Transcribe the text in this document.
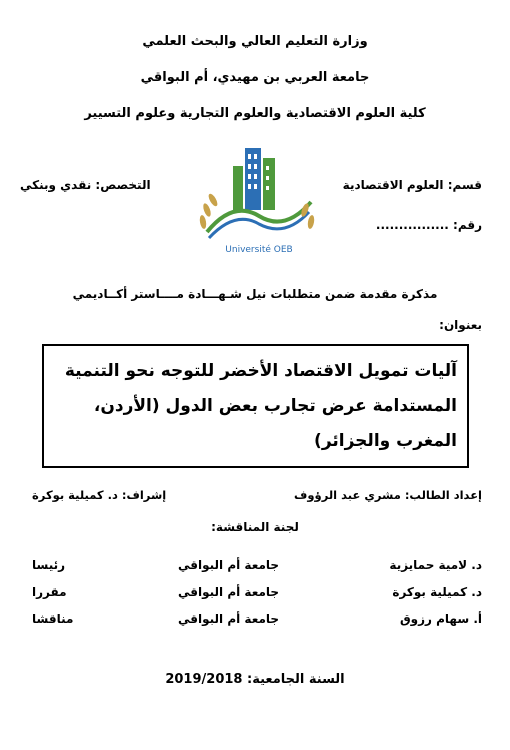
وزارة التعليم العالي والبحث العلمي
جامعة العربي بن مهيدي، أم البواقي
كلية العلوم الاقتصادية والعلوم التجارية وعلوم التسيير
قسم: العلوم الاقتصادية
التخصص: نقدي وبنكي
رقم: ................
Université OEB
مذكرة مقدمة ضمن متطلبات نيل شـهـــادة مــــاستر أكــاديمي
بعنوان:
آليات تمويل الاقتصاد الأخضر للتوجه نحو التنمية المستدامة عرض تجارب بعض الدول (الأردن، المغرب والجزائر)
إعداد الطالب: مشري عبد الرؤوف
إشراف: د. كميلية بوكرة
لجنة المناقشة:
د. لامية حمايزية
جامعة أم البواقي
رئيسا
د. كميلية بوكرة
جامعة أم البواقي
مقررا
أ. سهام رزوق
جامعة أم البواقي
مناقشا
السنة الجامعية: 2019/2018
